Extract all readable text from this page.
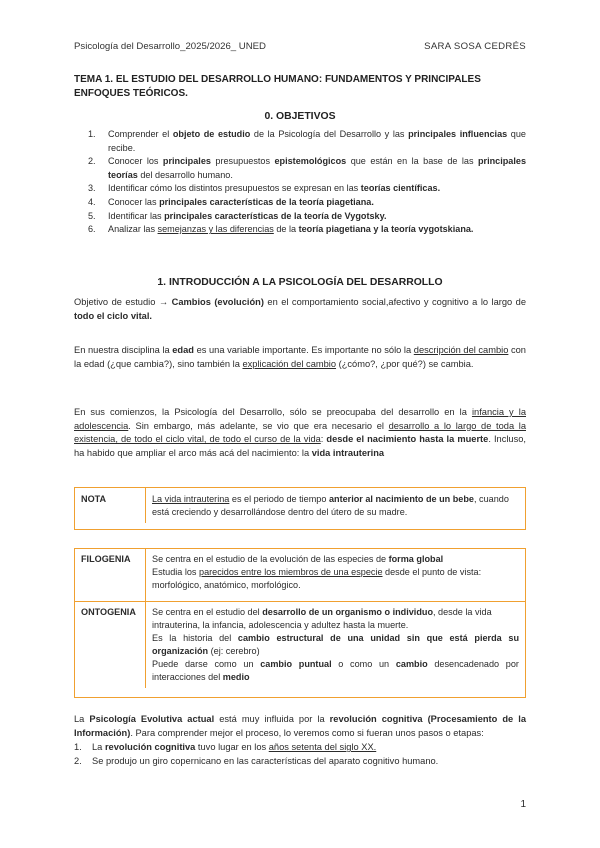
Psicología del Desarrollo_2025/2026_ UNED	SARA SOSA CEDRÉS
TEMA 1. EL ESTUDIO DEL DESARROLLO HUMANO: FUNDAMENTOS Y PRINCIPALES ENFOQUES TEÓRICOS.
0. OBJETIVOS
1. Comprender el objeto de estudio de la Psicología del Desarrollo y las principales influencias que recibe.
2. Conocer los principales presupuestos epistemológicos que están en la base de las principales teorías del desarrollo humano.
3. Identificar cómo los distintos presupuestos se expresan en las teorías científicas.
4. Conocer las principales características de la teoría piagetiana.
5. Identificar las principales características de la teoría de Vygotsky.
6. Analizar las semejanzas y las diferencias de la teoría piagetiana y la teoría vygotskiana.
1. INTRODUCCIÓN A LA PSICOLOGÍA DEL DESARROLLO
Objetivo de estudio → Cambios (evolución) en el comportamiento social,afectivo y cognitivo a lo largo de todo el ciclo vital.
En nuestra disciplina la edad es una variable importante. Es importante no sólo la descripción del cambio con la edad (¿que cambia?), sino también la explicación del cambio (¿cómo?, ¿por qué?) se cambia.
En sus comienzos, la Psicología del Desarrollo, sólo se preocupaba del desarrollo en la infancia y la adolescencia. Sin embargo, más adelante, se vio que era necesario el desarrollo a lo largo de toda la existencia, de todo el ciclo vital, de todo el curso de la vida: desde el nacimiento hasta la muerte. Incluso, ha habido que ampliar el arco más acá del nacimiento: la vida intrauterina
NOTA	La vida intrauterina es el periodo de tiempo anterior al nacimiento de un bebe, cuando está creciendo y desarrollándose dentro del útero de su madre.
FILOGENIA	Se centra en el estudio de la evolución de las especies de forma global
Estudia los parecidos entre los miembros de una especie desde el punto de vista: morfológico, anatómico, morfológico.

ONTOGENIA	Se centra en el estudio del desarrollo de un organismo o individuo, desde la vida intrauterina, la infancia, adolescencia y adultez hasta la muerte.
Es la historia del cambio estructural de una unidad sin que está pierda su organización (ej: cerebro)
Puede darse como un cambio puntual o como un cambio desencadenado por interacciones del medio
La Psicología Evolutiva actual está muy influida por la revolución cognitiva (Procesamiento de la Información). Para comprender mejor el proceso, lo veremos como si fueran unos pasos o etapas:
1. La revolución cognitiva tuvo lugar en los años setenta del siglo XX.
2. Se produjo un giro copernicano en las características del aparato cognitivo humano.
1
